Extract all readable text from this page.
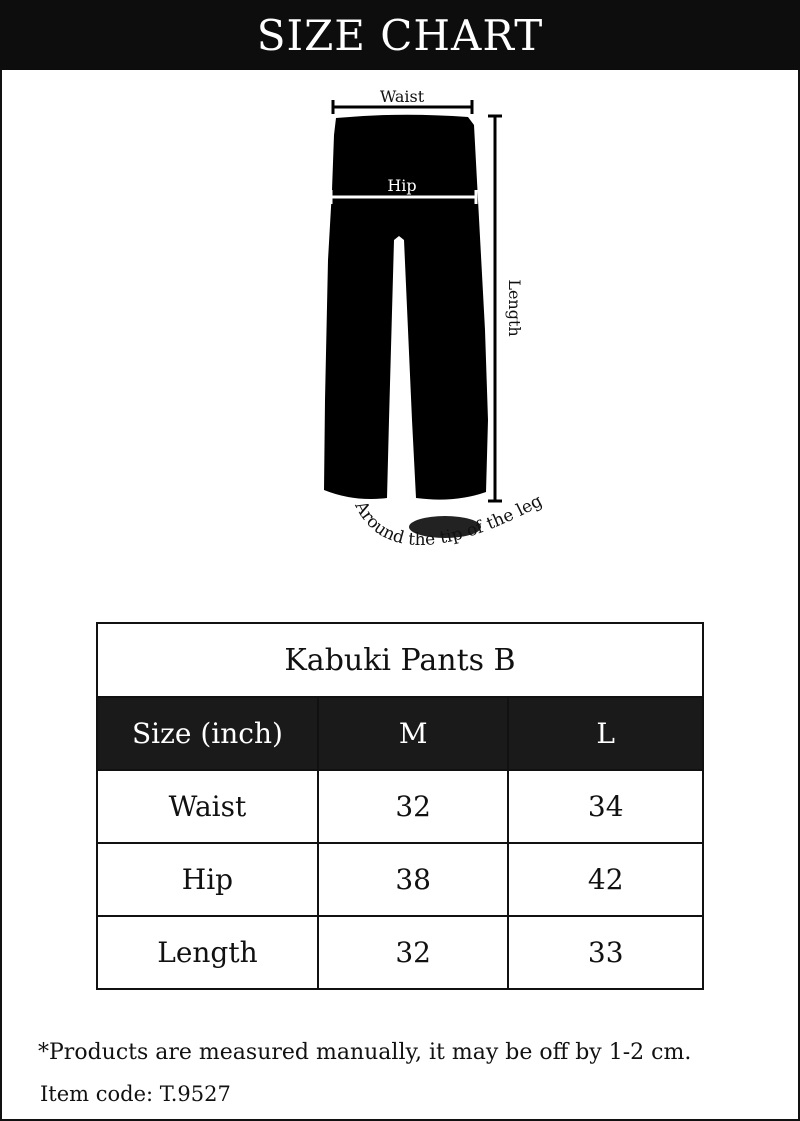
SIZE CHART
Waist
Hip
Length
Around the tip of the leg
Kabuki Pants B		
Size (inch)	M	L
Waist	32	34
Hip	38	42
Length	32	33
*Products are measured manually, it may be off by 1-2 cm.
Item code: T.9527
